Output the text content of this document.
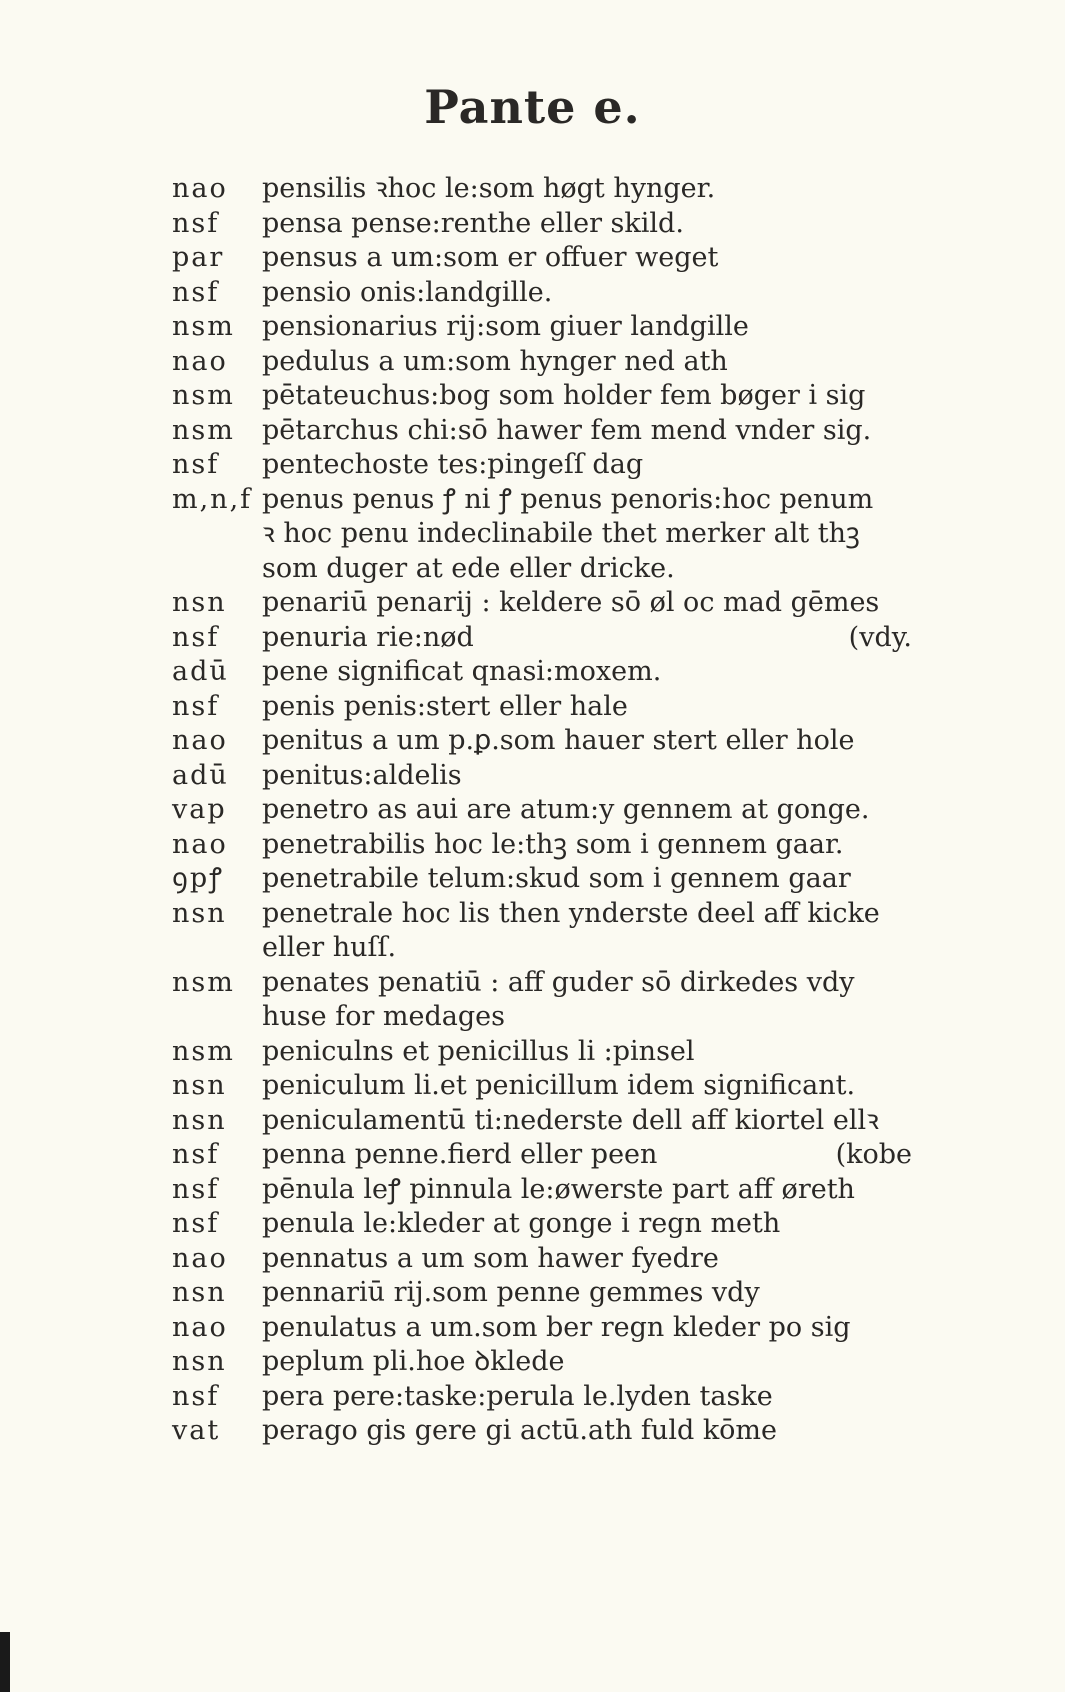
Pante e.
nao	pensilis ꝛhoc le:som høgt hynger.
nsf	pensa pense:renthe eller skild.
par	pensus a um:som er offuer weget
nsf	pensio onis:landgille.
nsm	pensionarius rij:som giuer landgille
nao	pedulus a um:som hynger ned ath
nsm	pētateuchus:bog som holder fem bøger i sig
nsm	pētarchus chi:sō hawer fem mend vnder sig.
nsf	pentechoste tes:pingeſſ dag
m,n,f penus penus ꝭ ni ꝭ penus penoris:hoc penum
ꝛ hoc penu indeclinabile thet merker alt thꝫ
som duger at ede eller dricke.
nsn	penariū penarij : keldere sō øl oc mad gēmes
nsf	penuria rie:nød	(vdy.
adū	pene significat qnasi:moxem.
nsf	penis penis:stert eller hale
nao	penitus a um p.ꝑ.som hauer stert eller hole
adū	penitus:aldelis
vap	penetro as aui are atum:y gennem at gonge.
nao	penetrabilis hoc le:thꝫ som i gennem gaar.
ꝯpꝭ	penetrabile telum:skud som i gennem gaar
nsn	penetrale hoc lis then ynderste deel aff kicke
eller huſſ.
nsm	penates penatiū : aff guder sō dirkedes vdy
huse for medages
nsm	peniculns et penicillus li :pinsel
nsn	peniculum li.et penicillum idem significant.
nsn	peniculamentū ti:nederste dell aff kiortel ellꝛ
nsf	penna penne.fierd eller peen	(kobe
nsf	pēnula leꝭ pinnula le:øwerste part aff øreth
nsf	penula le:kleder at gonge i regn meth
nao	pennatus a um som hawer fyedre
nsn	pennariū rij.som penne gemmes vdy
nao	penulatus a um.som ber regn kleder po sig
nsn	peplum pli.hoe ꝺklede
nsf	pera pere:taske:perula le.lyden taske
vat	perago gis gere gi actū.ath fuld kōme
